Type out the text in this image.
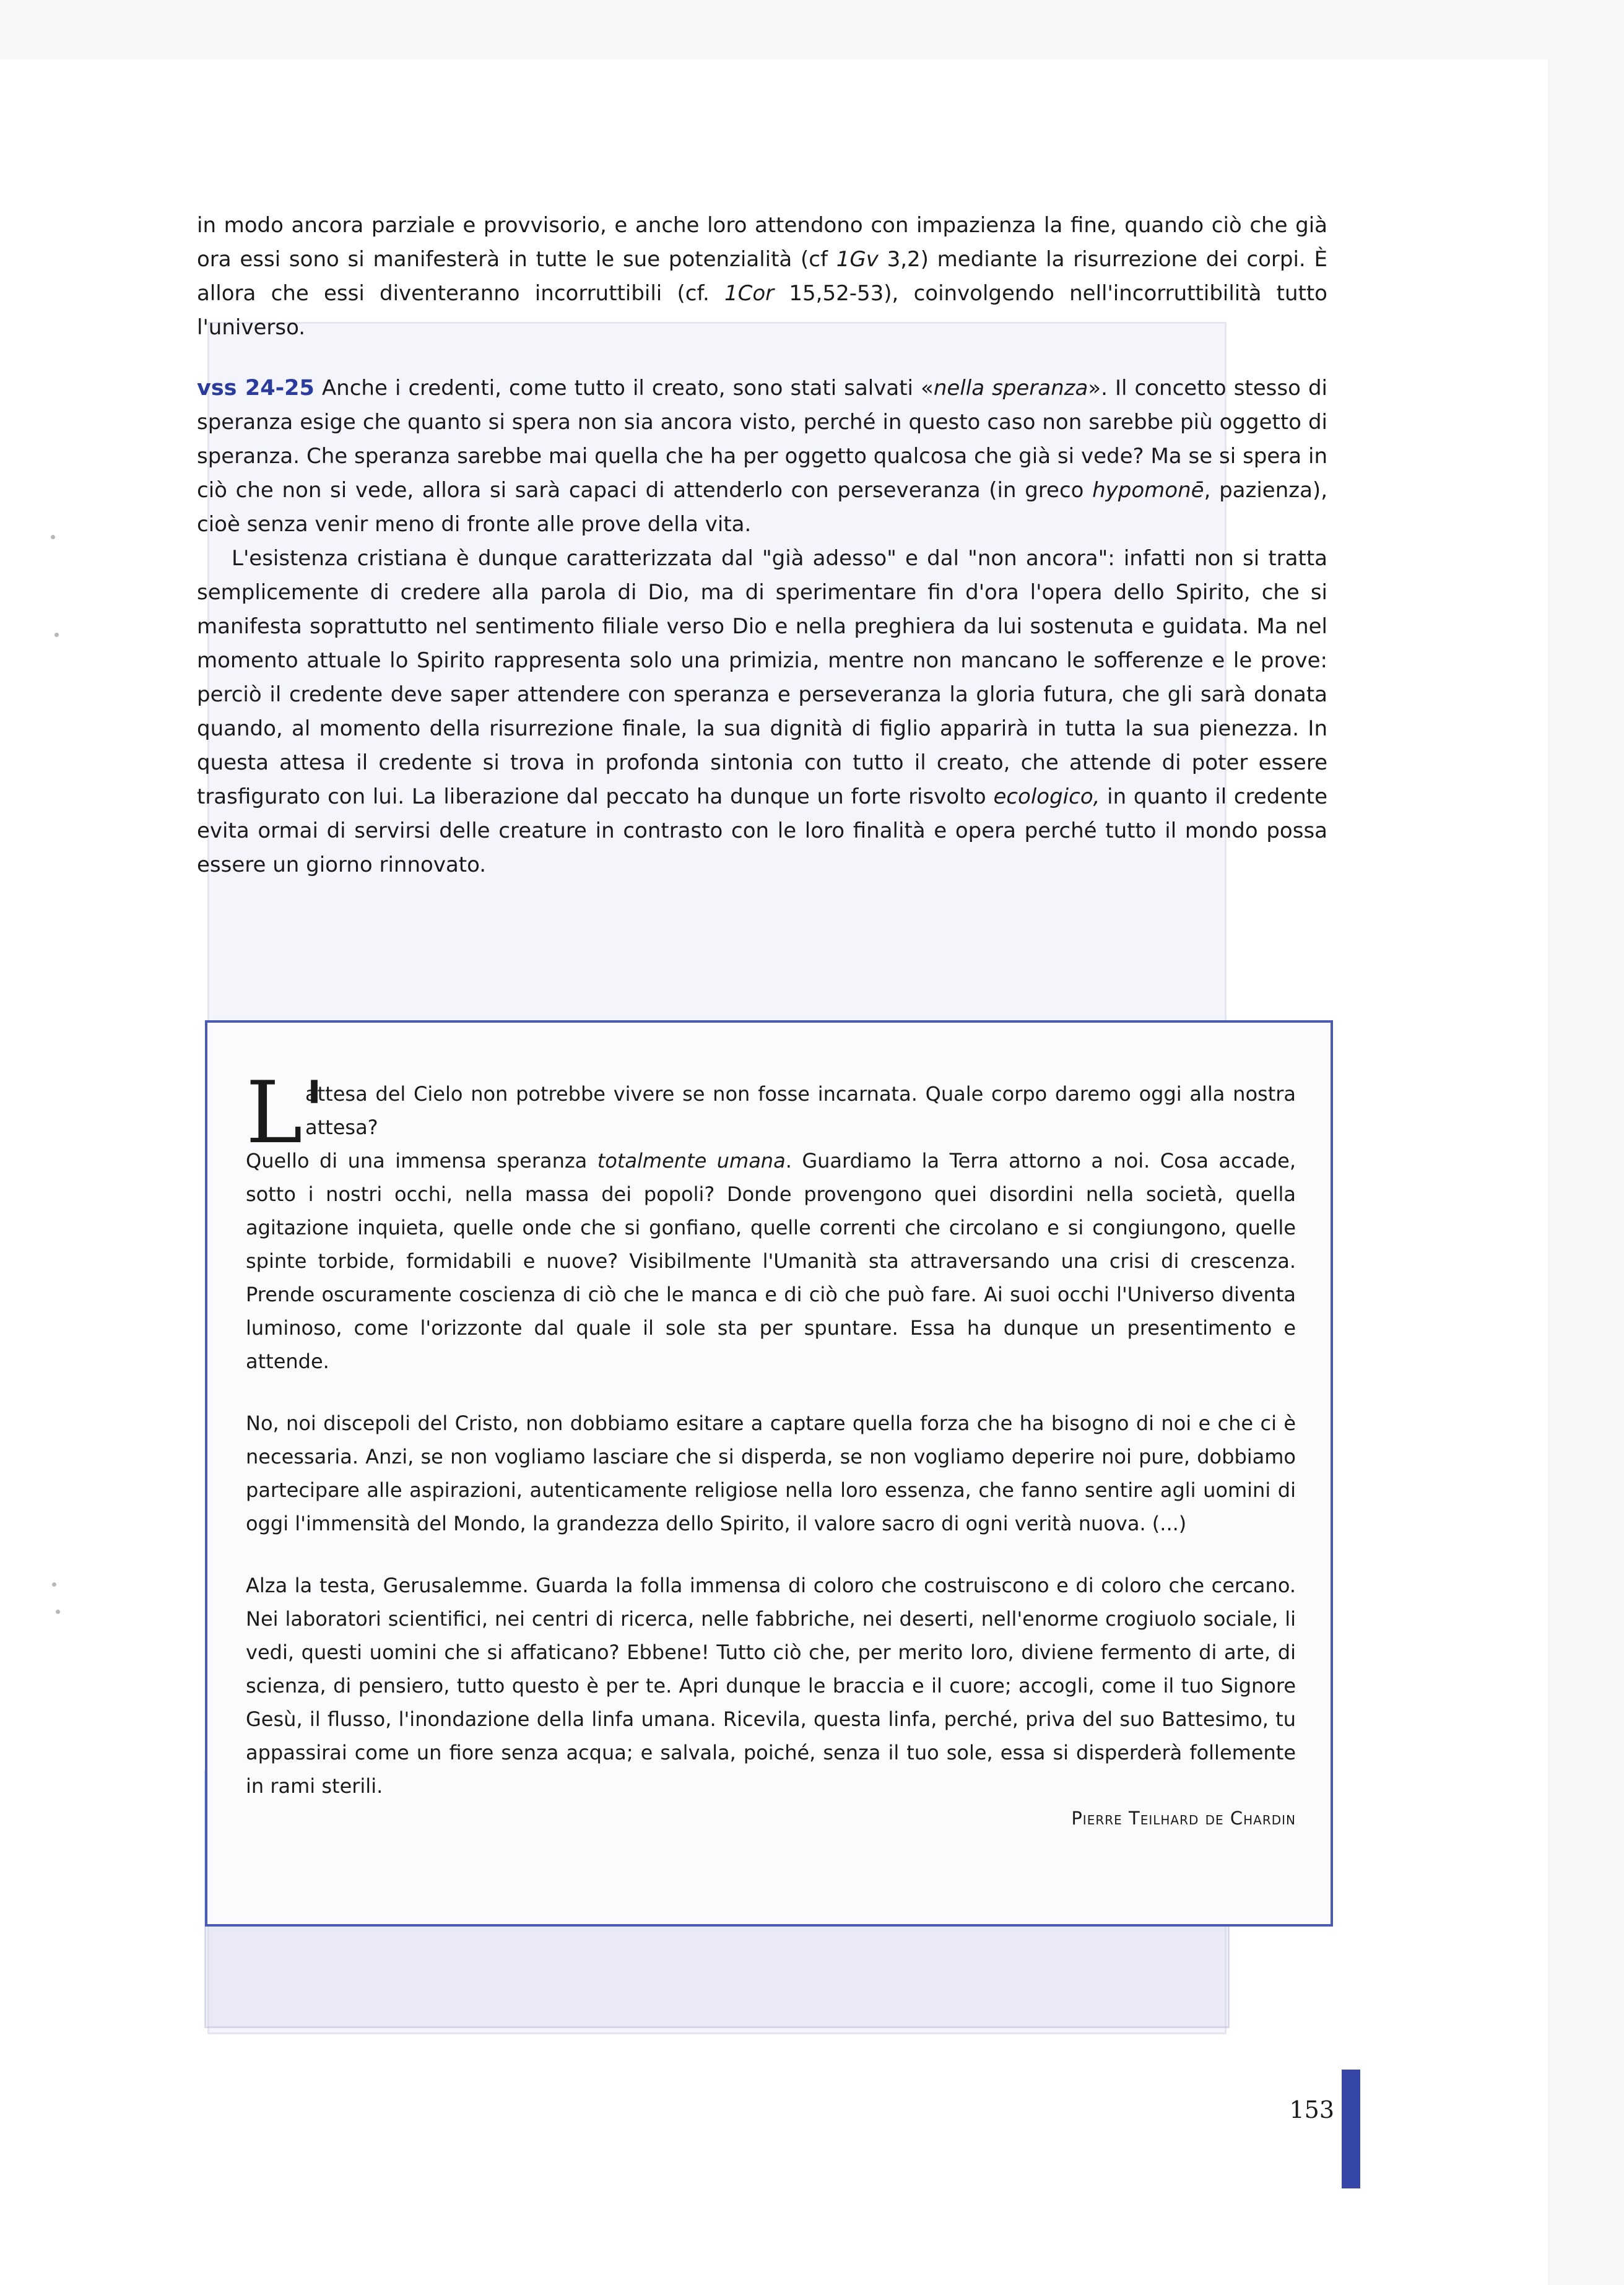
in modo ancora parziale e provvisorio, e anche loro attendono con impazienza la fine, quando ciò che già ora essi sono si manifesterà in tutte le sue potenzialità (cf 1Gv 3,2) mediante la risurrezione dei corpi. È allora che essi diventeranno incorruttibili (cf. 1Cor 15,52-53), coinvolgendo nell'incorruttibilità tutto l'universo.

vss 24-25 Anche i credenti, come tutto il creato, sono stati salvati «nella speranza». Il concetto stesso di speranza esige che quanto si spera non sia ancora visto, perché in questo caso non sarebbe più oggetto di speranza. Che speranza sarebbe mai quella che ha per oggetto qualcosa che già si vede? Ma se si spera in ciò che non si vede, allora si sarà capaci di attenderlo con perseveranza (in greco hypomonē, pazienza), cioè senza venir meno di fronte alle prove della vita.

L'esistenza cristiana è dunque caratterizzata dal "già adesso" e dal "non ancora": infatti non si tratta semplicemente di credere alla parola di Dio, ma di sperimentare fin d'ora l'opera dello Spirito, che si manifesta soprattutto nel sentimento filiale verso Dio e nella preghiera da lui sostenuta e guidata. Ma nel momento attuale lo Spirito rappresenta solo una primizia, mentre non mancano le sofferenze e le prove: perciò il credente deve saper attendere con speranza e perseveranza la gloria futura, che gli sarà donata quando, al momento della risurrezione finale, la sua dignità di figlio apparirà in tutta la sua pienezza. In questa attesa il credente si trova in profonda sintonia con tutto il creato, che attende di poter essere trasfigurato con lui. La liberazione dal peccato ha dunque un forte risvolto ecologico, in quanto il credente evita ormai di servirsi delle creature in contrasto con le loro finalità e opera perché tutto il mondo possa essere un giorno rinnovato.

L'
attesa del Cielo non potrebbe vivere se non fosse incarnata. Quale corpo daremo oggi alla nostra attesa?

Quello di una immensa speranza totalmente umana. Guardiamo la Terra attorno a noi. Cosa accade, sotto i nostri occhi, nella massa dei popoli? Donde provengono quei disordini nella società, quella agitazione inquieta, quelle onde che si gonfiano, quelle correnti che circolano e si congiungono, quelle spinte torbide, formidabili e nuove? Visibilmente l'Umanità sta attraversando una crisi di crescenza. Prende oscuramente coscienza di ciò che le manca e di ciò che può fare. Ai suoi occhi l'Universo diventa luminoso, come l'orizzonte dal quale il sole sta per spuntare. Essa ha dunque un presentimento e attende.

No, noi discepoli del Cristo, non dobbiamo esitare a captare quella forza che ha bisogno di noi e che ci è necessaria. Anzi, se non vogliamo lasciare che si disperda, se non vogliamo deperire noi pure, dobbiamo partecipare alle aspirazioni, autenticamente religiose nella loro essenza, che fanno sentire agli uomini di oggi l'immensità del Mondo, la grandezza dello Spirito, il valore sacro di ogni verità nuova. (...)

Alza la testa, Gerusalemme. Guarda la folla immensa di coloro che costruiscono e di coloro che cercano. Nei laboratori scientifici, nei centri di ricerca, nelle fabbriche, nei deserti, nell'enorme crogiuolo sociale, li vedi, questi uomini che si affaticano? Ebbene! Tutto ciò che, per merito loro, diviene fermento di arte, di scienza, di pensiero, tutto questo è per te. Apri dunque le braccia e il cuore; accogli, come il tuo Signore Gesù, il flusso, l'inondazione della linfa umana. Ricevila, questa linfa, perché, priva del suo Battesimo, tu appassirai come un fiore senza acqua; e salvala, poiché, senza il tuo sole, essa si disperderà follemente in rami sterili.

Pierre Teilhard de Chardin

153
